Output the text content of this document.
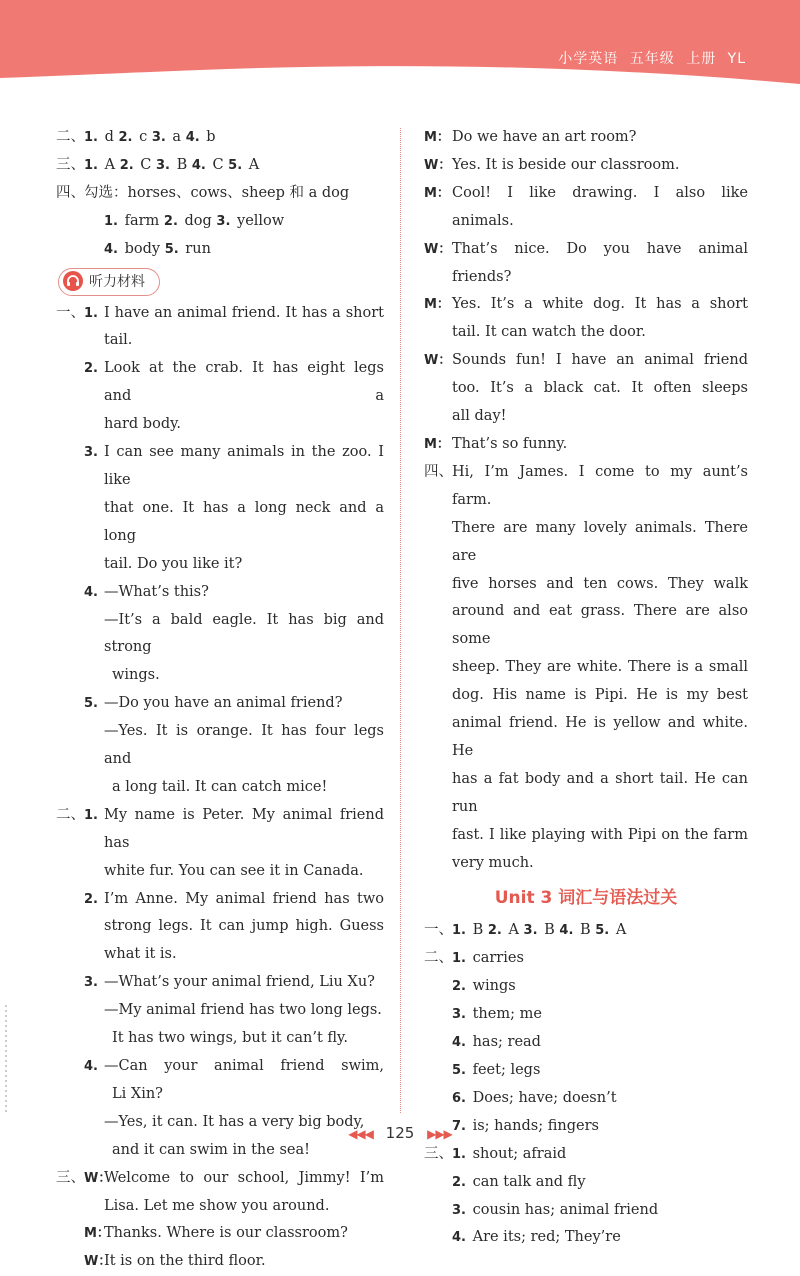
小学英语 五年级 上册 YL
二、 1. d 2. c 3. a 4. b
三、 1. A 2. C 3. B 4. C 5. A
四、 勾选：horses、cows、sheep 和 a dog
1. farm 2. dog 3. yellow
4. body 5. run
听力材料
一、 1. I have an animal friend. It has a short
tail.
2. Look at the crab. It has eight legs and a
hard body.
3. I can see many animals in the zoo. I like
that one. It has a long neck and a long
tail. Do you like it?
4. —What’s this?
—It’s a bald eagle. It has big and strong
wings.
5. —Do you have an animal friend?
—Yes. It is orange. It has four legs and
a long tail. It can catch mice!
二、 1. My name is Peter. My animal friend has
white fur. You can see it in Canada.
2. I’m Anne. My animal friend has two
strong legs. It can jump high. Guess
what it is.
3. —What’s your animal friend, Liu Xu?
—My animal friend has two long legs.
It has two wings, but it can’t fly.
4. —Can your animal friend swim,
Li Xin?
—Yes, it can. It has a very big body,
and it can swim in the sea!
三、 W：
Welcome to our school, Jimmy! I’m
Lisa. Let me show you around.
M：
Thanks. Where is our classroom?
W：
It is on the third floor.
M： Do we have an art room?
W： Yes. It is beside our classroom.
M： Cool! I like drawing. I also like
animals.
W： That’s nice. Do you have animal
friends?
M： Yes. It’s a white dog. It has a short
tail. It can watch the door.
W： Sounds fun! I have an animal friend
too. It’s a black cat. It often sleeps
all day!
M： That’s so funny.
四、 Hi, I’m James. I come to my aunt’s farm.
There are many lovely animals. There are
five horses and ten cows. They walk
around and eat grass. There are also some
sheep. They are white. There is a small
dog. His name is Pipi. He is my best
animal friend. He is yellow and white. He
has a fat body and a short tail. He can run
fast. I like playing with Pipi on the farm
very much.
Unit 3 词汇与语法过关
一、 1. B 2. A 3. B 4. B 5. A
二、 1. carries
2. wings
3. them; me
4. has; read
5. feet; legs
6. Does; have; doesn’t
7. is; hands; fingers
三、 1. shout; afraid
2. can talk and fly
3. cousin has; animal friend
4. Are its; red; They’re
◀◀◀ 125 ▶▶▶
